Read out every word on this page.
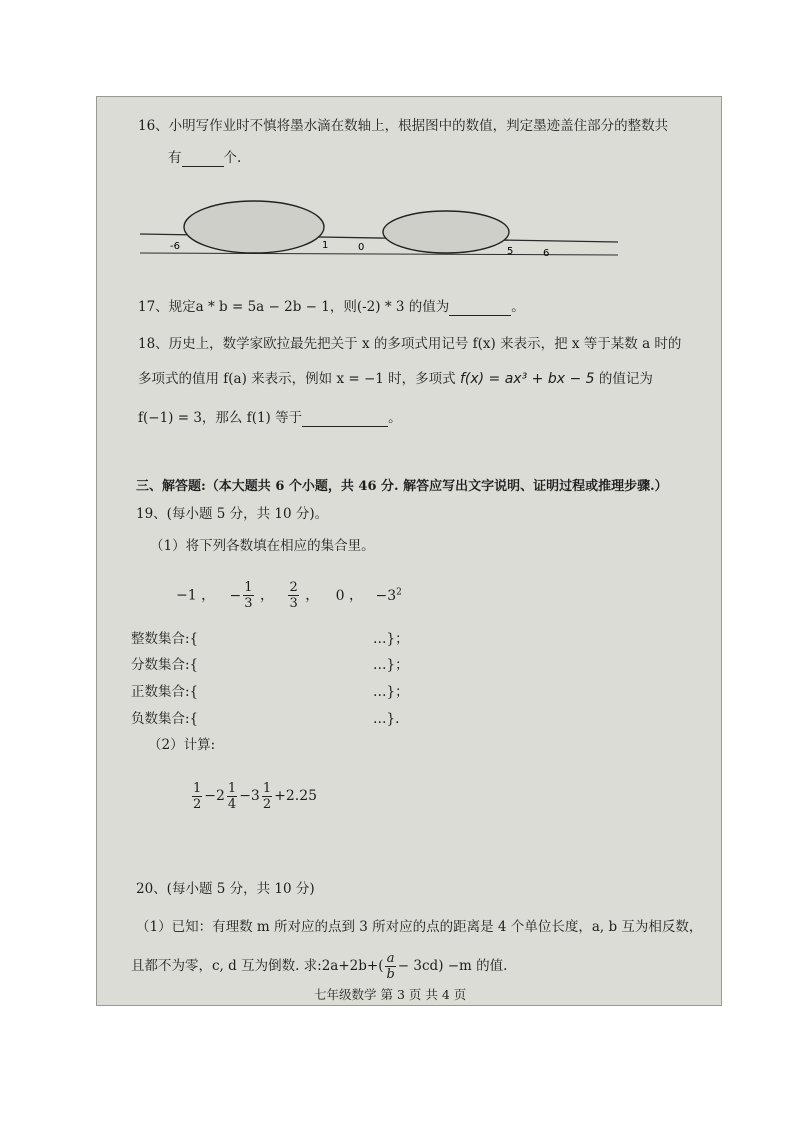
16、小明写作业时不慎将墨水滴在数轴上，根据图中的数值，判定墨迹盖住部分的整数共
有	个.
-6	1	0	5	6
17、规定a * b = 5a − 2b − 1，则(-2) * 3 的值为	。
18、历史上，数学家欧拉最先把关于 x 的多项式用记号 f(x) 来表示，把 x 等于某数 a 时的
多项式的值用 f(a) 来表示，例如 x = −1 时，多项式 f(x) = ax³ + bx − 5 的值记为
f(−1) = 3，那么 f(1) 等于	。
三、解答题:（本大题共 6 个小题，共 46 分. 解答应写出文字说明、证明过程或推理步骤.）
19、(每小题 5 分，共 10 分)。
（1）将下列各数填在相应的集合里。
−1 ， − $\frac{1}{3}$ ， $\frac{2}{3}$ ， 0 ， $-3^2$
整数集合:{	…}；
分数集合:{	…}；
正数集合:{	…}；
负数集合:{	…}.
（2）计算:
$\frac{1}{2} -2 \frac{1}{4} -3 \frac{1}{2} +2.25$
20、(每小题 5 分，共 10 分)
（1）已知：有理数 m 所对应的点到 3 所对应的点的距离是 4 个单位长度，a, b 互为相反数，
且都不为零，c, d 互为倒数. 求:2a+2b+( $\frac{a}{b} - 3cd) -m$ 的值.
七年级数学 第 3 页 共 4 页
